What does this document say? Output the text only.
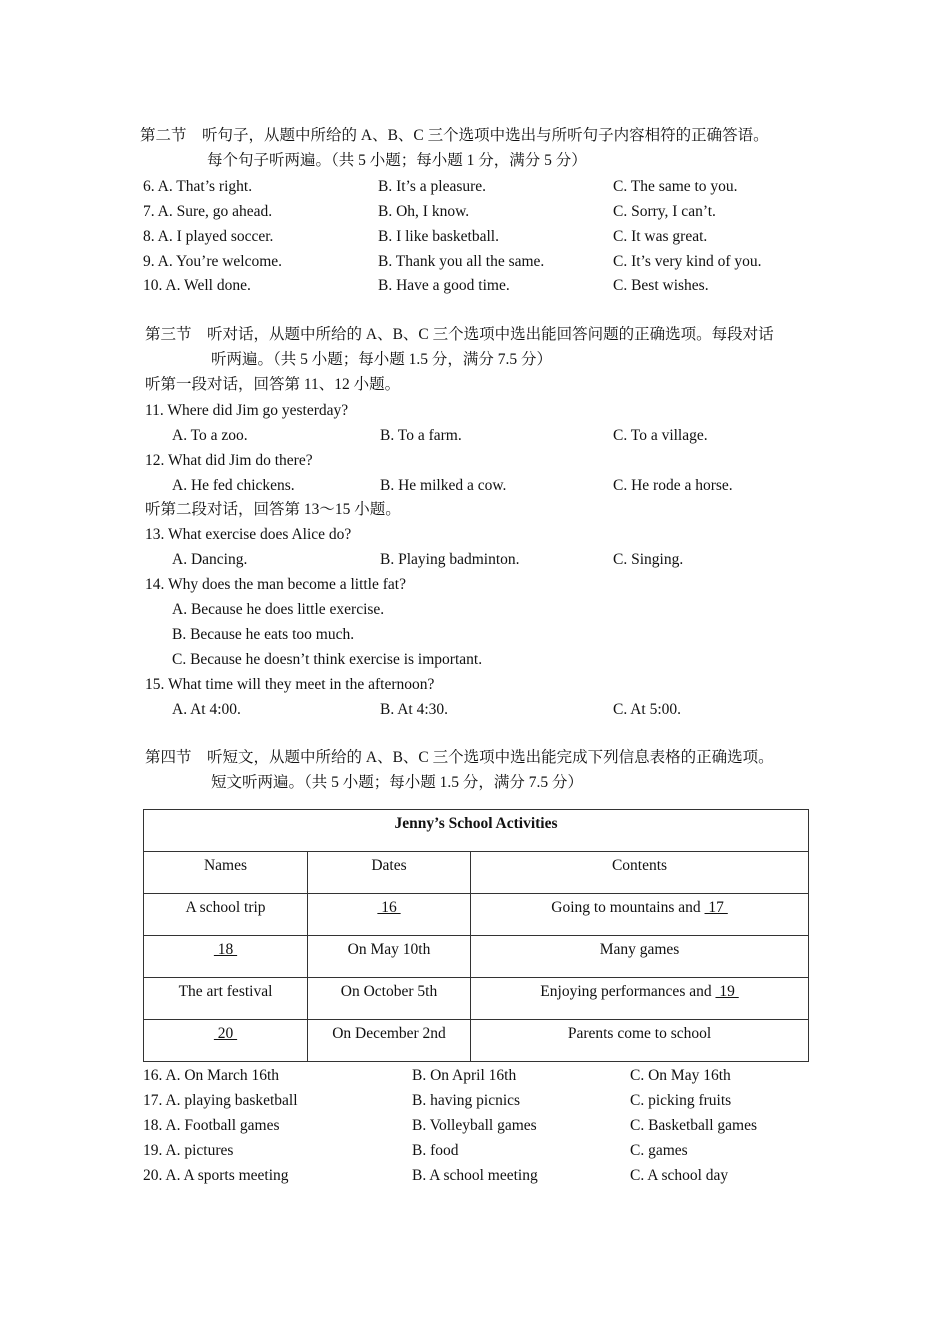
第二节　听句子，从题中所给的 A、B、C 三个选项中选出与所听句子内容相符的正确答语。
每个句子听两遍。（共 5 小题；每小题 1 分，满分 5 分）
6. A. That’s right.	B. It’s a pleasure.	C. The same to you.
7. A. Sure, go ahead.	B. Oh, I know.	C. Sorry, I can’t.
8. A. I played soccer.	B. I like basketball.	C. It was great.
9. A. You’re welcome.	B. Thank you all the same.	C. It’s very kind of you.
10. A. Well done.	B. Have a good time.	C. Best wishes.
第三节　听对话，从题中所给的 A、B、C 三个选项中选出能回答问题的正确选项。每段对话
听两遍。（共 5 小题；每小题 1.5 分，满分 7.5 分）
听第一段对话，回答第 11、12 小题。
11. Where did Jim go yesterday?
A. To a zoo.	B. To a farm.	C. To a village.
12. What did Jim do there?
A. He fed chickens.	B. He milked a cow.	C. He rode a horse.
听第二段对话，回答第 13～15 小题。
13. What exercise does Alice do?
A. Dancing.	B. Playing badminton.	C. Singing.
14. Why does the man become a little fat?
A. Because he does little exercise.
B. Because he eats too much.
C. Because he doesn’t think exercise is important.
15. What time will they meet in the afternoon?
A. At 4:00.	B. At 4:30.	C. At 5:00.
第四节　听短文，从题中所给的 A、B、C 三个选项中选出能完成下列信息表格的正确选项。
短文听两遍。（共 5 小题；每小题 1.5 分，满分 7.5 分）
Jenny’s School Activities		
Names	Dates	Contents
A school trip	16	Going to mountains and  17
18	On May 10th	Many games
The art festival	On October 5th	Enjoying performances and  19
20	On December 2nd	Parents come to school
16. A. On March 16th	B. On April 16th	C. On May 16th
17. A. playing basketball	B. having picnics	C. picking fruits
18. A. Football games	B. Volleyball games	C. Basketball games
19. A. pictures	B. food	C. games
20. A. A sports meeting	B. A school meeting	C. A school day
